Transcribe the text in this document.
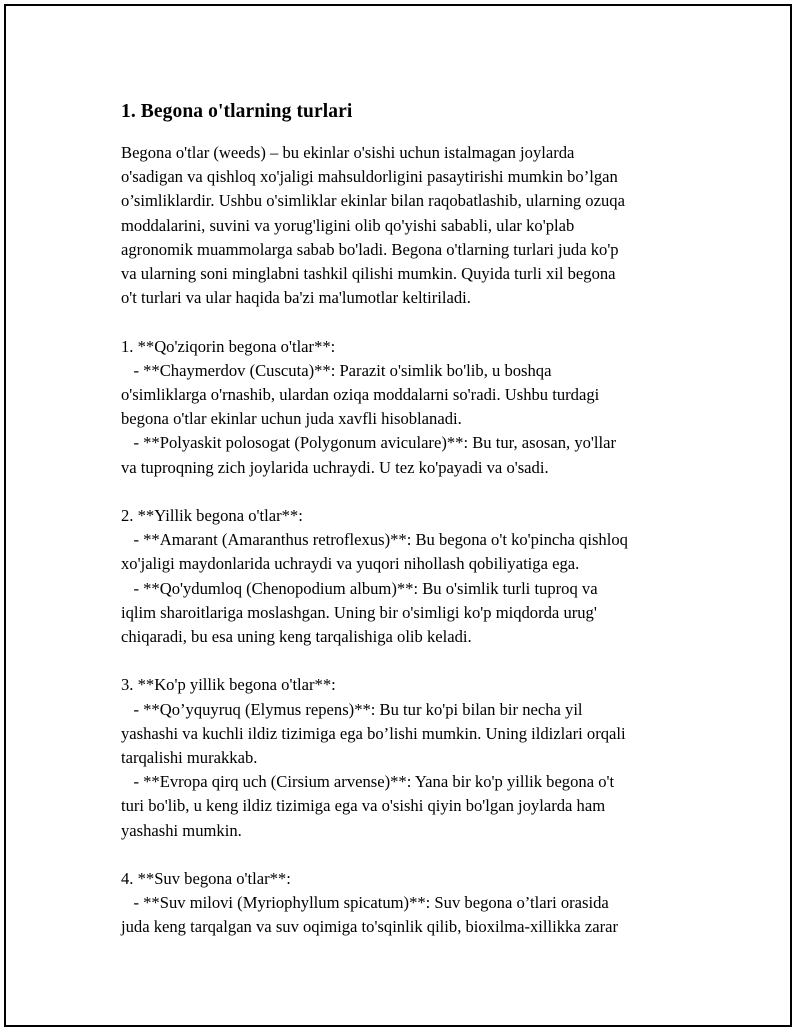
1. Begona o'tlarning turlari

Begona o'tlar (weeds) – bu ekinlar o'sishi uchun istalmagan joylarda
o'sadigan va qishloq xo'jaligi mahsuldorligini pasaytirishi mumkin bo’lgan
o’simliklardir. Ushbu o'simliklar ekinlar bilan raqobatlashib, ularning ozuqa
moddalarini, suvini va yorug'ligini olib qo'yishi sababli, ular ko'plab
agronomik muammolarga sabab bo'ladi. Begona o'tlarning turlari juda ko'p
va ularning soni minglabni tashkil qilishi mumkin. Quyida turli xil begona
o't turlari va ular haqida ba'zi ma'lumotlar keltiriladi.

1. **Qo'ziqorin begona o'tlar**:

- **Chaymerdov (Cuscuta)**: Parazit o'simlik bo'lib, u boshqa
o'simliklarga o'rnashib, ulardan oziqa moddalarni so'radi. Ushbu turdagi
begona o'tlar ekinlar uchun juda xavfli hisoblanadi.

- **Polyaskit polosogat (Polygonum aviculare)**: Bu tur, asosan, yo'llar
va tuproqning zich joylarida uchraydi. U tez ko'payadi va o'sadi.

2. **Yillik begona o'tlar**:

- **Amarant (Amaranthus retroflexus)**: Bu begona o't ko'pincha qishloq
xo'jaligi maydonlarida uchraydi va yuqori nihollash qobiliyatiga ega.

- **Qo'ydumloq (Chenopodium album)**: Bu o'simlik turli tuproq va
iqlim sharoitlariga moslashgan. Uning bir o'simligi ko'p miqdorda urug'
chiqaradi, bu esa uning keng tarqalishiga olib keladi.

3. **Ko'p yillik begona o'tlar**:

- **Qo’yquyruq (Elymus repens)**: Bu tur ko'pi bilan bir necha yil
yashashi va kuchli ildiz tizimiga ega bo’lishi mumkin. Uning ildizlari orqali
tarqalishi murakkab.

- **Evropa qirq uch (Cirsium arvense)**: Yana bir ko'p yillik begona o't
turi bo'lib, u keng ildiz tizimiga ega va o'sishi qiyin bo'lgan joylarda ham
yashashi mumkin.

4. **Suv begona o'tlar**:

- **Suv milovi (Myriophyllum spicatum)**: Suv begona o’tlari orasida
juda keng tarqalgan va suv oqimiga to'sqinlik qilib, bioxilma-xillikka zarar
